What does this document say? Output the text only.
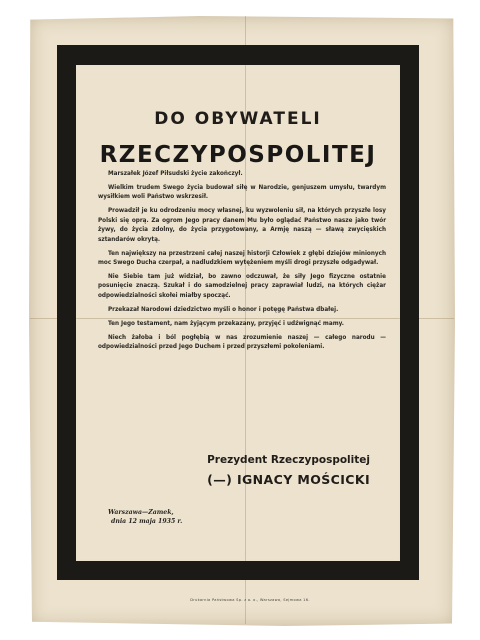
DO OBYWATELI
RZECZYPOSPOLITEJ

Marszałek Józef Piłsudski życie zakończył.

Wielkim trudem Swego życia budował siłę w Narodzie, genjuszem umysłu, twardym wysiłkiem woli Państwo wskrzesił.

Prowadził je ku odrodzeniu mocy własnej, ku wyzwoleniu sił, na których przyszłe losy Polski się oprą. Za ogrom Jego pracy danem Mu było oglądać Państwo nasze jako twór żywy, do życia zdolny, do życia przygotowany, a Armję naszą — sławą zwycięskich sztandarów okrytą.

Ten największy na przestrzeni całej naszej historji Człowiek z głębi dziejów minionych moc Swego Ducha czerpał, a nadludzkiem wytężeniem myśli drogi przyszłe odgadywał.

Nie Siebie tam już widział, bo zawno odczuwał, że siły Jego fizyczne ostatnie posunięcie znaczą. Szukał i do samodzielnej pracy zaprawiał ludzi, na których ciężar odpowiedzialności skołei miałby spocząć.

Przekazał Narodowi dziedzictwo myśli o honor i potęgę Państwa dbałej.

Ten Jego testament, nam żyjącym przekazany, przyjęć i udźwignąć mamy.

Niech żałoba i ból pogłębią w nas zrozumienie naszej — całego narodu — odpowiedzialności przed Jego Duchem i przed przyszłemi pokoleniami.

Prezydent Rzeczypospolitej
(—) IGNACY MOŚCICKI
Warszawa—Zamek,
dnia 12 maja 1935 r.
Drukarnia Państwowa Sp. z o. o., Warszawa, Sejmowa 16.
